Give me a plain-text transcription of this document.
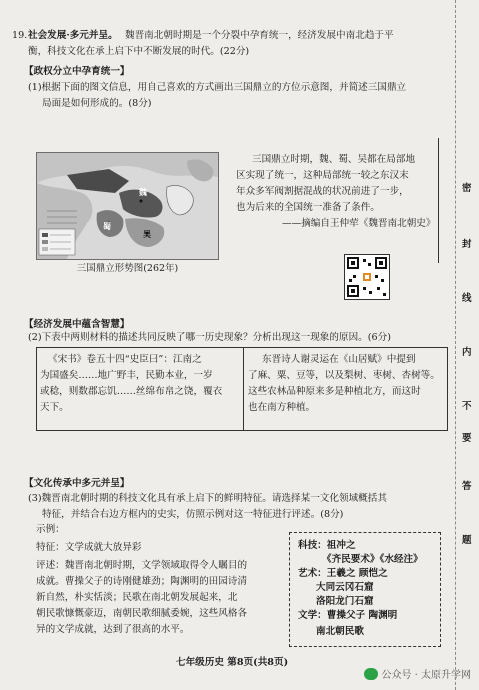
19. 社会发展·多元并呈。 魏晋南北朝时期是一个分裂中孕育统一，经济发展中南北趋于平
衡，科技文化在承上启下中不断发展的时代。(22分)
【政权分立中孕育统一】
(1)根据下面的图文信息，用自己喜欢的方式画出三国鼎立的方位示意图，并简述三国鼎立
局面是如何形成的。(8分)
魏
蜀
吴
三国鼎立形势图(262年)
三国鼎立时期，魏、蜀、吴都在局部地
区实现了统一，这种局部统一较之东汉末
年众多军阀割据混战的状况前进了一步，
也为后来的全国统一准备了条件。
——摘编自王仲荦《魏晋南北朝史》
【经济发展中蕴含智慧】
(2)下表中两则材料的描述共同反映了哪一历史现象？分析出现这一现象的原因。(6分)
《宋书》卷五十四“史臣曰”：江南之
为国盛矣……地广野丰，民勤本业，一岁
或稔，则数郡忘饥……丝绵布帛之饶，覆衣
天下。
东晋诗人谢灵运在《山居赋》中提到
了麻、粟、豆等，以及梨树、枣树、杏树等。
这些农林品种原来多是种植北方，而这时
也在南方种植。
【文化传承中多元并呈】
(3)魏晋南北朝时期的科技文化具有承上启下的鲜明特征。请选择某一文化领域概括其
特征，并结合右边方框内的史实，仿照示例对这一特征进行评述。(8分)
示例：
特征：文学成就大放异彩
评述：魏晋南北朝时期，文学领域取得令人瞩目的
成就。曹操父子的诗刚健雄劲；陶渊明的田园诗清
新自然，朴实恬淡；民歌在南北朝发展起来，北
朝民歌慷慨豪迈，南朝民歌细腻委婉，这些风格各
异的文学成就，达到了很高的水平。
科技：祖冲之
《齐民要术》《水经注》
艺术：王羲之 顾恺之
大同云冈石窟
洛阳龙门石窟
文学：曹操父子 陶渊明
南北朝民歌
七年级历史 第8页(共8页)
公众号 · 太原升学网
密
封
线
内
不
要
答
题
